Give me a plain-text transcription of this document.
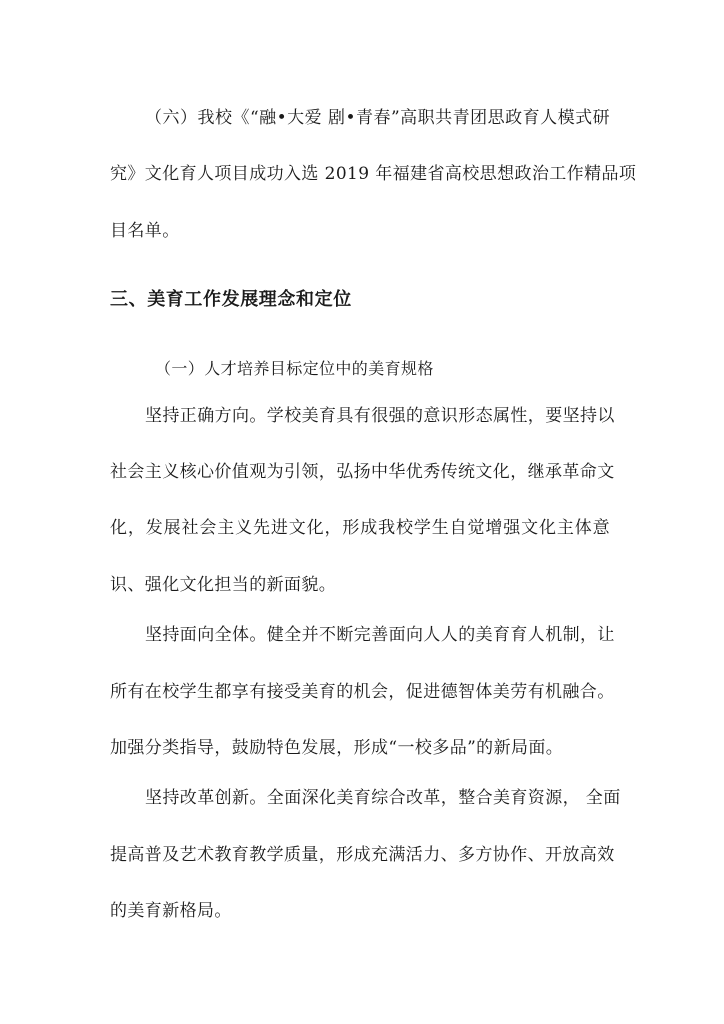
（六）我校《“融•大爱 剧•青春”高职共青团思政育人模式研
究》文化育人项目成功入选 2019 年福建省高校思想政治工作精品项
目名单。
三、美育工作发展理念和定位
（一）人才培养目标定位中的美育规格
坚持正确方向。学校美育具有很强的意识形态属性，要坚持以
社会主义核心价值观为引领，弘扬中华优秀传统文化，继承革命文
化，发展社会主义先进文化，形成我校学生自觉增强文化主体意
识、强化文化担当的新面貌。
坚持面向全体。健全并不断完善面向人人的美育育人机制，让
所有在校学生都享有接受美育的机会，促进德智体美劳有机融合。
加强分类指导，鼓励特色发展，形成“一校多品”的新局面。
坚持改革创新。全面深化美育综合改革，整合美育资源， 全面
提高普及艺术教育教学质量，形成充满活力、多方协作、开放高效
的美育新格局。
